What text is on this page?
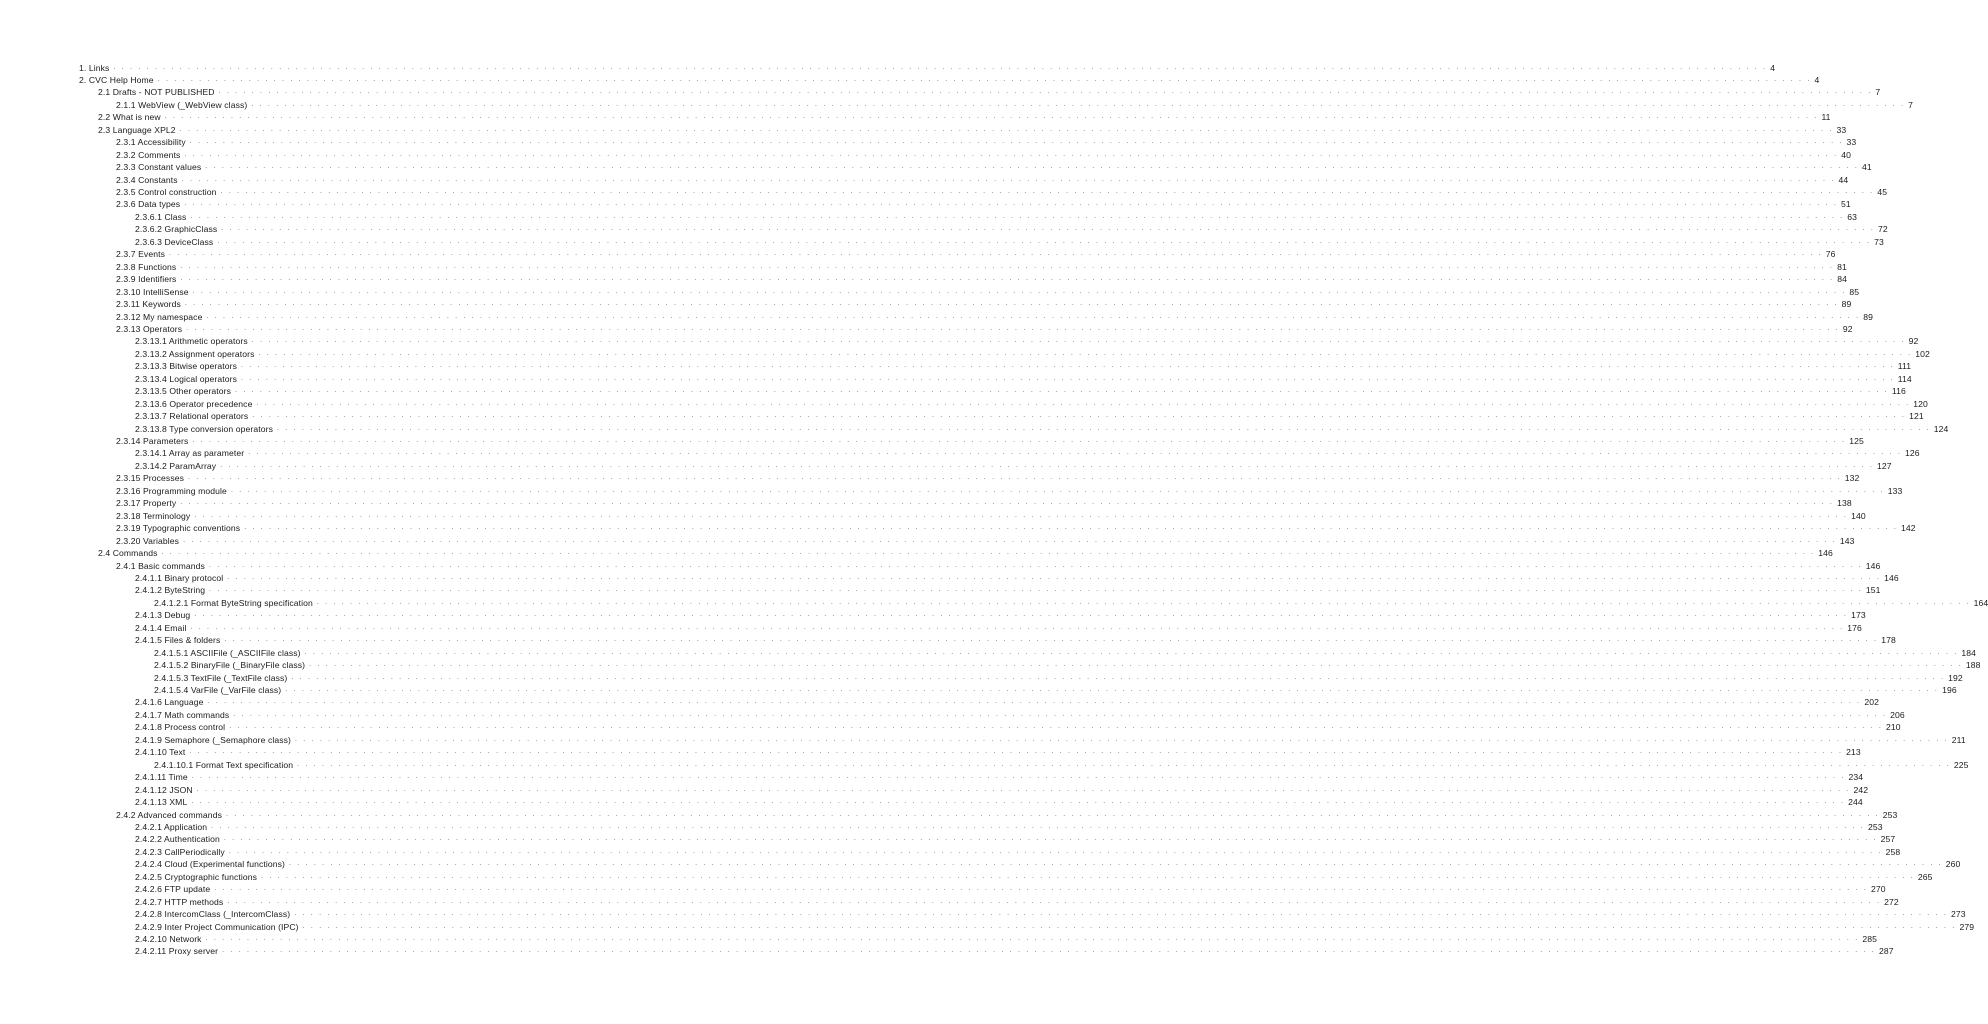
1. Links . . . . . . . . . . . . . . . . . . . . . . . . . . . . . . . . . . . . . . . . . . . . . . . . . . . . . . . . . . . . . . . . . . . . . . . . . . . . . . . . . . . . . . . . . . . . . . . . . . . . . . . . . . . . . . . . . . . . . . . . . . . . . . . . . . . . . . . . . . . . . . . . . . . . . . . . . . . . . . . . . . . . . . . . . . . . . . . . . . . . . . . . . . . . . . . . . . . . . . . . 4
2. CVC Help Home . . . . . . . . . . . . . . . . . . . . . . . . . . . . . . . . . . . . . . . . . . . . . . . . . . . . . . . . . . . . . . . . . . . . . . . . . . . . . . . . . . . . . . . . . . . . . . . . . . . . . . . . . . . . . . . . . . . . . . . . . . . . . . . . . . . . . . . . . . . . . . . . . . . . . . . . . . . . . . . . . . . . . . . . . . . . . . . . . . . . . . . . . . . . . . . . . . . . . . . . 4
2.1 Drafts - NOT PUBLISHED . . . . . . . . . . . . . . . . . . . . . . . . . . . . . . . . . . . . . . . . . . . . . . . . . . . . . . . . . . . . . . . . . . . . . . . . . . . . . . . . . . . . . . . . . . . . . . . . . . . . . . . . . . . . . . . . . . . . . . . . . . . . . . . . . . . . . . . . . . . . . . . . . . . . . . . . . . . . . . . . . . . . . . . . . . . . . . . . . . . . . . . . . . . . . . . . . . . . . . . . 7
2.1.1 WebView (_WebView class) . . . . . . . . . . . . . . . . . . . . . . . . . . . . . . . . . . . . . . . . . . . . . . . . . . . . . . . . . . . . . . . . . . . . . . . . . . . . . . . . . . . . . . . . . . . . . . . . . . . . . . . . . . . . . . . . . . . . . . . . . . . . . . . . . . . . . . . . . . . . . . . . . . . . . . . . . . . . . . . . . . . . . . . . . . . . . . . . . . . . . . . . . . . . . . . . . . . . . . . . 7
2.2 What is new . . . . . . . . . . . . . . . . . . . . . . . . . . . . . . . . . . . . . . . . . . . . . . . . . . . . . . . . . . . . . . . . . . . . . . . . . . . . . . . . . . . . . . . . . . . . . . . . . . . . . . . . . . . . . . . . . . . . . . . . . . . . . . . . . . . . . . . . . . . . . . . . . . . . . . . . . . . . . . . . . . . . . . . . . . . . . . . . . . . . . . . . . . . . . . . . . . . . . . . . 11
2.3 Language XPL2 . . . . . . . . . . . . . . . . . . . . . . . . . . . . . . . . . . . . . . . . . . . . . . . . . . . . . . . . . . . . . . . . . . . . . . . . . . . . . . . . . . . . . . . . . . . . . . . . . . . . . . . . . . . . . . . . . . . . . . . . . . . . . . . . . . . . . . . . . . . . . . . . . . . . . . . . . . . . . . . . . . . . . . . . . . . . . . . . . . . . . . . . . . . . . . . . . . . . . . . . 33
2.3.1 Accessibility . . . . . . . . . . . . . . . . . . . . . . . . . . . . . . . . . . . . . . . . . . . . . . . . . . . . . . . . . . . . . . . . . . . . . . . . . . . . . . . . . . . . . . . . . . . . . . . . . . . . . . . . . . . . . . . . . . . . . . . . . . . . . . . . . . . . . . . . . . . . . . . . . . . . . . . . . . . . . . . . . . . . . . . . . . . . . . . . . . . . . . . . . . . . . . . . . . . . . . . . 33
2.3.2 Comments . . . . . . . . . . . . . . . . . . . . . . . . . . . . . . . . . . . . . . . . . . . . . . . . . . . . . . . . . . . . . . . . . . . . . . . . . . . . . . . . . . . . . . . . . . . . . . . . . . . . . . . . . . . . . . . . . . . . . . . . . . . . . . . . . . . . . . . . . . . . . . . . . . . . . . . . . . . . . . . . . . . . . . . . . . . . . . . . . . . . . . . . . . . . . . . . . . . . . . . . 40
2.3.3 Constant values . . . . . . . . . . . . . . . . . . . . . . . . . . . . . . . . . . . . . . . . . . . . . . . . . . . . . . . . . . . . . . . . . . . . . . . . . . . . . . . . . . . . . . . . . . . . . . . . . . . . . . . . . . . . . . . . . . . . . . . . . . . . . . . . . . . . . . . . . . . . . . . . . . . . . . . . . . . . . . . . . . . . . . . . . . . . . . . . . . . . . . . . . . . . . . . . . . . . . . . . 41
2.3.4 Constants . . . . . . . . . . . . . . . . . . . . . . . . . . . . . . . . . . . . . . . . . . . . . . . . . . . . . . . . . . . . . . . . . . . . . . . . . . . . . . . . . . . . . . . . . . . . . . . . . . . . . . . . . . . . . . . . . . . . . . . . . . . . . . . . . . . . . . . . . . . . . . . . . . . . . . . . . . . . . . . . . . . . . . . . . . . . . . . . . . . . . . . . . . . . . . . . . . . . . . . . 44
2.3.5 Control construction . . . . . . . . . . . . . . . . . . . . . . . . . . . . . . . . . . . . . . . . . . . . . . . . . . . . . . . . . . . . . . . . . . . . . . . . . . . . . . . . . . . . . . . . . . . . . . . . . . . . . . . . . . . . . . . . . . . . . . . . . . . . . . . . . . . . . . . . . . . . . . . . . . . . . . . . . . . . . . . . . . . . . . . . . . . . . . . . . . . . . . . . . . . . . . . . . . . . . . . . 45
2.3.6 Data types . . . . . . . . . . . . . . . . . . . . . . . . . . . . . . . . . . . . . . . . . . . . . . . . . . . . . . . . . . . . . . . . . . . . . . . . . . . . . . . . . . . . . . . . . . . . . . . . . . . . . . . . . . . . . . . . . . . . . . . . . . . . . . . . . . . . . . . . . . . . . . . . . . . . . . . . . . . . . . . . . . . . . . . . . . . . . . . . . . . . . . . . . . . . . . . . . . . . . . . . 51
2.3.6.1 Class . . . . . . . . . . . . . . . . . . . . . . . . . . . . . . . . . . . . . . . . . . . . . . . . . . . . . . . . . . . . . . . . . . . . . . . . . . . . . . . . . . . . . . . . . . . . . . . . . . . . . . . . . . . . . . . . . . . . . . . . . . . . . . . . . . . . . . . . . . . . . . . . . . . . . . . . . . . . . . . . . . . . . . . . . . . . . . . . . . . . . . . . . . . . . . . . . . . . . . . . 63
2.3.6.2 GraphicClass . . . . . . . . . . . . . . . . . . . . . . . . . . . . . . . . . . . . . . . . . . . . . . . . . . . . . . . . . . . . . . . . . . . . . . . . . . . . . . . . . . . . . . . . . . . . . . . . . . . . . . . . . . . . . . . . . . . . . . . . . . . . . . . . . . . . . . . . . . . . . . . . . . . . . . . . . . . . . . . . . . . . . . . . . . . . . . . . . . . . . . . . . . . . . . . . . . . . . . . . 72
2.3.6.3 DeviceClass . . . . . . . . . . . . . . . . . . . . . . . . . . . . . . . . . . . . . . . . . . . . . . . . . . . . . . . . . . . . . . . . . . . . . . . . . . . . . . . . . . . . . . . . . . . . . . . . . . . . . . . . . . . . . . . . . . . . . . . . . . . . . . . . . . . . . . . . . . . . . . . . . . . . . . . . . . . . . . . . . . . . . . . . . . . . . . . . . . . . . . . . . . . . . . . . . . . . . . . . 73
2.3.7 Events . . . . . . . . . . . . . . . . . . . . . . . . . . . . . . . . . . . . . . . . . . . . . . . . . . . . . . . . . . . . . . . . . . . . . . . . . . . . . . . . . . . . . . . . . . . . . . . . . . . . . . . . . . . . . . . . . . . . . . . . . . . . . . . . . . . . . . . . . . . . . . . . . . . . . . . . . . . . . . . . . . . . . . . . . . . . . . . . . . . . . . . . . . . . . . . . . . . . . . . . 76
2.3.8 Functions . . . . . . . . . . . . . . . . . . . . . . . . . . . . . . . . . . . . . . . . . . . . . . . . . . . . . . . . . . . . . . . . . . . . . . . . . . . . . . . . . . . . . . . . . . . . . . . . . . . . . . . . . . . . . . . . . . . . . . . . . . . . . . . . . . . . . . . . . . . . . . . . . . . . . . . . . . . . . . . . . . . . . . . . . . . . . . . . . . . . . . . . . . . . . . . . . . . . . . . . 81
2.3.9 Identifiers . . . . . . . . . . . . . . . . . . . . . . . . . . . . . . . . . . . . . . . . . . . . . . . . . . . . . . . . . . . . . . . . . . . . . . . . . . . . . . . . . . . . . . . . . . . . . . . . . . . . . . . . . . . . . . . . . . . . . . . . . . . . . . . . . . . . . . . . . . . . . . . . . . . . . . . . . . . . . . . . . . . . . . . . . . . . . . . . . . . . . . . . . . . . . . . . . . . . . . . . 84
2.3.10 IntelliSense . . . . . . . . . . . . . . . . . . . . . . . . . . . . . . . . . . . . . . . . . . . . . . . . . . . . . . . . . . . . . . . . . . . . . . . . . . . . . . . . . . . . . . . . . . . . . . . . . . . . . . . . . . . . . . . . . . . . . . . . . . . . . . . . . . . . . . . . . . . . . . . . . . . . . . . . . . . . . . . . . . . . . . . . . . . . . . . . . . . . . . . . . . . . . . . . . . . . . . . . 85
2.3.11 Keywords . . . . . . . . . . . . . . . . . . . . . . . . . . . . . . . . . . . . . . . . . . . . . . . . . . . . . . . . . . . . . . . . . . . . . . . . . . . . . . . . . . . . . . . . . . . . . . . . . . . . . . . . . . . . . . . . . . . . . . . . . . . . . . . . . . . . . . . . . . . . . . . . . . . . . . . . . . . . . . . . . . . . . . . . . . . . . . . . . . . . . . . . . . . . . . . . . . . . . . . . 89
2.3.12 My namespace . . . . . . . . . . . . . . . . . . . . . . . . . . . . . . . . . . . . . . . . . . . . . . . . . . . . . . . . . . . . . . . . . . . . . . . . . . . . . . . . . . . . . . . . . . . . . . . . . . . . . . . . . . . . . . . . . . . . . . . . . . . . . . . . . . . . . . . . . . . . . . . . . . . . . . . . . . . . . . . . . . . . . . . . . . . . . . . . . . . . . . . . . . . . . . . . . . . . . . . . 89
2.3.13 Operators . . . . . . . . . . . . . . . . . . . . . . . . . . . . . . . . . . . . . . . . . . . . . . . . . . . . . . . . . . . . . . . . . . . . . . . . . . . . . . . . . . . . . . . . . . . . . . . . . . . . . . . . . . . . . . . . . . . . . . . . . . . . . . . . . . . . . . . . . . . . . . . . . . . . . . . . . . . . . . . . . . . . . . . . . . . . . . . . . . . . . . . . . . . . . . . . . . . . . . . . 92
2.3.13.1 Arithmetic operators . . . . . . . . . . . . . . . . . . . . . . . . . . . . . . . . . . . . . . . . . . . . . . . . . . . . . . . . . . . . . . . . . . . . . . . . . . . . . . . . . . . . . . . . . . . . . . . . . . . . . . . . . . . . . . . . . . . . . . . . . . . . . . . . . . . . . . . . . . . . . . . . . . . . . . . . . . . . . . . . . . . . . . . . . . . . . . . . . . . . . . . . . . . . . . . . . . . . . . . . 92
2.3.13.2 Assignment operators . . . . . . . . . . . . . . . . . . . . . . . . . . . . . . . . . . . . . . . . . . . . . . . . . . . . . . . . . . . . . . . . . . . . . . . . . . . . . . . . . . . . . . . . . . . . . . . . . . . . . . . . . . . . . . . . . . . . . . . . . . . . . . . . . . . . . . . . . . . . . . . . . . . . . . . . . . . . . . . . . . . . . . . . . . . . . . . . . . . . . . . . . . . . . . . . . . . . . . . . 102
2.3.13.3 Bitwise operators . . . . . . . . . . . . . . . . . . . . . . . . . . . . . . . . . . . . . . . . . . . . . . . . . . . . . . . . . . . . . . . . . . . . . . . . . . . . . . . . . . . . . . . . . . . . . . . . . . . . . . . . . . . . . . . . . . . . . . . . . . . . . . . . . . . . . . . . . . . . . . . . . . . . . . . . . . . . . . . . . . . . . . . . . . . . . . . . . . . . . . . . . . . . . . . . . . . . . . . . 111
2.3.13.4 Logical operators . . . . . . . . . . . . . . . . . . . . . . . . . . . . . . . . . . . . . . . . . . . . . . . . . . . . . . . . . . . . . . . . . . . . . . . . . . . . . . . . . . . . . . . . . . . . . . . . . . . . . . . . . . . . . . . . . . . . . . . . . . . . . . . . . . . . . . . . . . . . . . . . . . . . . . . . . . . . . . . . . . . . . . . . . . . . . . . . . . . . . . . . . . . . . . . . . . . . . . . . 114
2.3.13.5 Other operators . . . . . . . . . . . . . . . . . . . . . . . . . . . . . . . . . . . . . . . . . . . . . . . . . . . . . . . . . . . . . . . . . . . . . . . . . . . . . . . . . . . . . . . . . . . . . . . . . . . . . . . . . . . . . . . . . . . . . . . . . . . . . . . . . . . . . . . . . . . . . . . . . . . . . . . . . . . . . . . . . . . . . . . . . . . . . . . . . . . . . . . . . . . . . . . . . . . . . . . . 116
2.3.13.6 Operator precedence . . . . . . . . . . . . . . . . . . . . . . . . . . . . . . . . . . . . . . . . . . . . . . . . . . . . . . . . . . . . . . . . . . . . . . . . . . . . . . . . . . . . . . . . . . . . . . . . . . . . . . . . . . . . . . . . . . . . . . . . . . . . . . . . . . . . . . . . . . . . . . . . . . . . . . . . . . . . . . . . . . . . . . . . . . . . . . . . . . . . . . . . . . . . . . . . . . . . . . . . 120
2.3.13.7 Relational operators . . . . . . . . . . . . . . . . . . . . . . . . . . . . . . . . . . . . . . . . . . . . . . . . . . . . . . . . . . . . . . . . . . . . . . . . . . . . . . . . . . . . . . . . . . . . . . . . . . . . . . . . . . . . . . . . . . . . . . . . . . . . . . . . . . . . . . . . . . . . . . . . . . . . . . . . . . . . . . . . . . . . . . . . . . . . . . . . . . . . . . . . . . . . . . . . . . . . . . . . 121
2.3.13.8 Type conversion operators . . . . . . . . . . . . . . . . . . . . . . . . . . . . . . . . . . . . . . . . . . . . . . . . . . . . . . . . . . . . . . . . . . . . . . . . . . . . . . . . . . . . . . . . . . . . . . . . . . . . . . . . . . . . . . . . . . . . . . . . . . . . . . . . . . . . . . . . . . . . . . . . . . . . . . . . . . . . . . . . . . . . . . . . . . . . . . . . . . . . . . . . . . . . . . . . . . . . . . . . 124
2.3.14 Parameters . . . . . . . . . . . . . . . . . . . . . . . . . . . . . . . . . . . . . . . . . . . . . . . . . . . . . . . . . . . . . . . . . . . . . . . . . . . . . . . . . . . . . . . . . . . . . . . . . . . . . . . . . . . . . . . . . . . . . . . . . . . . . . . . . . . . . . . . . . . . . . . . . . . . . . . . . . . . . . . . . . . . . . . . . . . . . . . . . . . . . . . . . . . . . . . . . . . . . . . . 125
2.3.14.1 Array as parameter . . . . . . . . . . . . . . . . . . . . . . . . . . . . . . . . . . . . . . . . . . . . . . . . . . . . . . . . . . . . . . . . . . . . . . . . . . . . . . . . . . . . . . . . . . . . . . . . . . . . . . . . . . . . . . . . . . . . . . . . . . . . . . . . . . . . . . . . . . . . . . . . . . . . . . . . . . . . . . . . . . . . . . . . . . . . . . . . . . . . . . . . . . . . . . . . . . . . . . . . 126
2.3.14.2 ParamArray . . . . . . . . . . . . . . . . . . . . . . . . . . . . . . . . . . . . . . . . . . . . . . . . . . . . . . . . . . . . . . . . . . . . . . . . . . . . . . . . . . . . . . . . . . . . . . . . . . . . . . . . . . . . . . . . . . . . . . . . . . . . . . . . . . . . . . . . . . . . . . . . . . . . . . . . . . . . . . . . . . . . . . . . . . . . . . . . . . . . . . . . . . . . . . . . . . . . . . . . 127
2.3.15 Processes . . . . . . . . . . . . . . . . . . . . . . . . . . . . . . . . . . . . . . . . . . . . . . . . . . . . . . . . . . . . . . . . . . . . . . . . . . . . . . . . . . . . . . . . . . . . . . . . . . . . . . . . . . . . . . . . . . . . . . . . . . . . . . . . . . . . . . . . . . . . . . . . . . . . . . . . . . . . . . . . . . . . . . . . . . . . . . . . . . . . . . . . . . . . . . . . . . . . . . . . 132
2.3.16 Programming module . . . . . . . . . . . . . . . . . . . . . . . . . . . . . . . . . . . . . . . . . . . . . . . . . . . . . . . . . . . . . . . . . . . . . . . . . . . . . . . . . . . . . . . . . . . . . . . . . . . . . . . . . . . . . . . . . . . . . . . . . . . . . . . . . . . . . . . . . . . . . . . . . . . . . . . . . . . . . . . . . . . . . . . . . . . . . . . . . . . . . . . . . . . . . . . . . . . . . . . . 133
2.3.17 Property . . . . . . . . . . . . . . . . . . . . . . . . . . . . . . . . . . . . . . . . . . . . . . . . . . . . . . . . . . . . . . . . . . . . . . . . . . . . . . . . . . . . . . . . . . . . . . . . . . . . . . . . . . . . . . . . . . . . . . . . . . . . . . . . . . . . . . . . . . . . . . . . . . . . . . . . . . . . . . . . . . . . . . . . . . . . . . . . . . . . . . . . . . . . . . . . . . . . . . . . 138
2.3.18 Terminology . . . . . . . . . . . . . . . . . . . . . . . . . . . . . . . . . . . . . . . . . . . . . . . . . . . . . . . . . . . . . . . . . . . . . . . . . . . . . . . . . . . . . . . . . . . . . . . . . . . . . . . . . . . . . . . . . . . . . . . . . . . . . . . . . . . . . . . . . . . . . . . . . . . . . . . . . . . . . . . . . . . . . . . . . . . . . . . . . . . . . . . . . . . . . . . . . . . . . . . . 140
2.3.19 Typographic conventions . . . . . . . . . . . . . . . . . . . . . . . . . . . . . . . . . . . . . . . . . . . . . . . . . . . . . . . . . . . . . . . . . . . . . . . . . . . . . . . . . . . . . . . . . . . . . . . . . . . . . . . . . . . . . . . . . . . . . . . . . . . . . . . . . . . . . . . . . . . . . . . . . . . . . . . . . . . . . . . . . . . . . . . . . . . . . . . . . . . . . . . . . . . . . . . . . . . . . . . . 142
2.3.20 Variables . . . . . . . . . . . . . . . . . . . . . . . . . . . . . . . . . . . . . . . . . . . . . . . . . . . . . . . . . . . . . . . . . . . . . . . . . . . . . . . . . . . . . . . . . . . . . . . . . . . . . . . . . . . . . . . . . . . . . . . . . . . . . . . . . . . . . . . . . . . . . . . . . . . . . . . . . . . . . . . . . . . . . . . . . . . . . . . . . . . . . . . . . . . . . . . . . . . . . . . . 143
2.4 Commands . . . . . . . . . . . . . . . . . . . . . . . . . . . . . . . . . . . . . . . . . . . . . . . . . . . . . . . . . . . . . . . . . . . . . . . . . . . . . . . . . . . . . . . . . . . . . . . . . . . . . . . . . . . . . . . . . . . . . . . . . . . . . . . . . . . . . . . . . . . . . . . . . . . . . . . . . . . . . . . . . . . . . . . . . . . . . . . . . . . . . . . . . . . . . . . . . . . . . . . . 146
2.4.1 Basic commands . . . . . . . . . . . . . . . . . . . . . . . . . . . . . . . . . . . . . . . . . . . . . . . . . . . . . . . . . . . . . . . . . . . . . . . . . . . . . . . . . . . . . . . . . . . . . . . . . . . . . . . . . . . . . . . . . . . . . . . . . . . . . . . . . . . . . . . . . . . . . . . . . . . . . . . . . . . . . . . . . . . . . . . . . . . . . . . . . . . . . . . . . . . . . . . . . . . . . . . . 146
2.4.1.1 Binary protocol . . . . . . . . . . . . . . . . . . . . . . . . . . . . . . . . . . . . . . . . . . . . . . . . . . . . . . . . . . . . . . . . . . . . . . . . . . . . . . . . . . . . . . . . . . . . . . . . . . . . . . . . . . . . . . . . . . . . . . . . . . . . . . . . . . . . . . . . . . . . . . . . . . . . . . . . . . . . . . . . . . . . . . . . . . . . . . . . . . . . . . . . . . . . . . . . . . . . . . . . 146
2.4.1.2 ByteString . . . . . . . . . . . . . . . . . . . . . . . . . . . . . . . . . . . . . . . . . . . . . . . . . . . . . . . . . . . . . . . . . . . . . . . . . . . . . . . . . . . . . . . . . . . . . . . . . . . . . . . . . . . . . . . . . . . . . . . . . . . . . . . . . . . . . . . . . . . . . . . . . . . . . . . . . . . . . . . . . . . . . . . . . . . . . . . . . . . . . . . . . . . . . . . . . . . . . . . . 151
2.4.1.2.1 Format ByteString specification . . . . . . . . . . . . . . . . . . . . . . . . . . . . . . . . . . . . . . . . . . . . . . . . . . . . . . . . . . . . . . . . . . . . . . . . . . . . . . . . . . . . . . . . . . . . . . . . . . . . . . . . . . . . . . . . . . . . . . . . . . . . . . . . . . . . . . . . . . . . . . . . . . . . . . . . . . . . . . . . . . . . . . . . . . . . . . . . . . . . . . . . . . . . . . . . . . . . . . . . 164
2.4.1.3 Debug . . . . . . . . . . . . . . . . . . . . . . . . . . . . . . . . . . . . . . . . . . . . . . . . . . . . . . . . . . . . . . . . . . . . . . . . . . . . . . . . . . . . . . . . . . . . . . . . . . . . . . . . . . . . . . . . . . . . . . . . . . . . . . . . . . . . . . . . . . . . . . . . . . . . . . . . . . . . . . . . . . . . . . . . . . . . . . . . . . . . . . . . . . . . . . . . . . . . . . . . 173
2.4.1.4 Email . . . . . . . . . . . . . . . . . . . . . . . . . . . . . . . . . . . . . . . . . . . . . . . . . . . . . . . . . . . . . . . . . . . . . . . . . . . . . . . . . . . . . . . . . . . . . . . . . . . . . . . . . . . . . . . . . . . . . . . . . . . . . . . . . . . . . . . . . . . . . . . . . . . . . . . . . . . . . . . . . . . . . . . . . . . . . . . . . . . . . . . . . . . . . . . . . . . . . . . . 176
2.4.1.5 Files & folders . . . . . . . . . . . . . . . . . . . . . . . . . . . . . . . . . . . . . . . . . . . . . . . . . . . . . . . . . . . . . . . . . . . . . . . . . . . . . . . . . . . . . . . . . . . . . . . . . . . . . . . . . . . . . . . . . . . . . . . . . . . . . . . . . . . . . . . . . . . . . . . . . . . . . . . . . . . . . . . . . . . . . . . . . . . . . . . . . . . . . . . . . . . . . . . . . . . . . . . . 178
2.4.1.5.1 ASCIIFile (_ASCIIFile class) . . . . . . . . . . . . . . . . . . . . . . . . . . . . . . . . . . . . . . . . . . . . . . . . . . . . . . . . . . . . . . . . . . . . . . . . . . . . . . . . . . . . . . . . . . . . . . . . . . . . . . . . . . . . . . . . . . . . . . . . . . . . . . . . . . . . . . . . . . . . . . . . . . . . . . . . . . . . . . . . . . . . . . . . . . . . . . . . . . . . . . . . . . . . . . . . . . . . . . . . 184
2.4.1.5.2 BinaryFile (_BinaryFile class) . . . . . . . . . . . . . . . . . . . . . . . . . . . . . . . . . . . . . . . . . . . . . . . . . . . . . . . . . . . . . . . . . . . . . . . . . . . . . . . . . . . . . . . . . . . . . . . . . . . . . . . . . . . . . . . . . . . . . . . . . . . . . . . . . . . . . . . . . . . . . . . . . . . . . . . . . . . . . . . . . . . . . . . . . . . . . . . . . . . . . . . . . . . . . . . . . . . . . . . . 188
2.4.1.5.3 TextFile (_TextFile class) . . . . . . . . . . . . . . . . . . . . . . . . . . . . . . . . . . . . . . . . . . . . . . . . . . . . . . . . . . . . . . . . . . . . . . . . . . . . . . . . . . . . . . . . . . . . . . . . . . . . . . . . . . . . . . . . . . . . . . . . . . . . . . . . . . . . . . . . . . . . . . . . . . . . . . . . . . . . . . . . . . . . . . . . . . . . . . . . . . . . . . . . . . . . . . . . . . . . . . . . 192
2.4.1.5.4 VarFile (_VarFile class) . . . . . . . . . . . . . . . . . . . . . . . . . . . . . . . . . . . . . . . . . . . . . . . . . . . . . . . . . . . . . . . . . . . . . . . . . . . . . . . . . . . . . . . . . . . . . . . . . . . . . . . . . . . . . . . . . . . . . . . . . . . . . . . . . . . . . . . . . . . . . . . . . . . . . . . . . . . . . . . . . . . . . . . . . . . . . . . . . . . . . . . . . . . . . . . . . . . . . . . . 196
2.4.1.6 Language . . . . . . . . . . . . . . . . . . . . . . . . . . . . . . . . . . . . . . . . . . . . . . . . . . . . . . . . . . . . . . . . . . . . . . . . . . . . . . . . . . . . . . . . . . . . . . . . . . . . . . . . . . . . . . . . . . . . . . . . . . . . . . . . . . . . . . . . . . . . . . . . . . . . . . . . . . . . . . . . . . . . . . . . . . . . . . . . . . . . . . . . . . . . . . . . . . . . . . . . 202
2.4.1.7 Math commands . . . . . . . . . . . . . . . . . . . . . . . . . . . . . . . . . . . . . . . . . . . . . . . . . . . . . . . . . . . . . . . . . . . . . . . . . . . . . . . . . . . . . . . . . . . . . . . . . . . . . . . . . . . . . . . . . . . . . . . . . . . . . . . . . . . . . . . . . . . . . . . . . . . . . . . . . . . . . . . . . . . . . . . . . . . . . . . . . . . . . . . . . . . . . . . . . . . . . . . . 206
2.4.1.8 Process control . . . . . . . . . . . . . . . . . . . . . . . . . . . . . . . . . . . . . . . . . . . . . . . . . . . . . . . . . . . . . . . . . . . . . . . . . . . . . . . . . . . . . . . . . . . . . . . . . . . . . . . . . . . . . . . . . . . . . . . . . . . . . . . . . . . . . . . . . . . . . . . . . . . . . . . . . . . . . . . . . . . . . . . . . . . . . . . . . . . . . . . . . . . . . . . . . . . . . . . . 210
2.4.1.9 Semaphore (_Semaphore class) . . . . . . . . . . . . . . . . . . . . . . . . . . . . . . . . . . . . . . . . . . . . . . . . . . . . . . . . . . . . . . . . . . . . . . . . . . . . . . . . . . . . . . . . . . . . . . . . . . . . . . . . . . . . . . . . . . . . . . . . . . . . . . . . . . . . . . . . . . . . . . . . . . . . . . . . . . . . . . . . . . . . . . . . . . . . . . . . . . . . . . . . . . . . . . . . . . . . . . . . 211
2.4.1.10 Text . . . . . . . . . . . . . . . . . . . . . . . . . . . . . . . . . . . . . . . . . . . . . . . . . . . . . . . . . . . . . . . . . . . . . . . . . . . . . . . . . . . . . . . . . . . . . . . . . . . . . . . . . . . . . . . . . . . . . . . . . . . . . . . . . . . . . . . . . . . . . . . . . . . . . . . . . . . . . . . . . . . . . . . . . . . . . . . . . . . . . . . . . . . . . . . . . . . . . . . . 213
2.4.1.10.1 Format Text specification . . . . . . . . . . . . . . . . . . . . . . . . . . . . . . . . . . . . . . . . . . . . . . . . . . . . . . . . . . . . . . . . . . . . . . . . . . . . . . . . . . . . . . . . . . . . . . . . . . . . . . . . . . . . . . . . . . . . . . . . . . . . . . . . . . . . . . . . . . . . . . . . . . . . . . . . . . . . . . . . . . . . . . . . . . . . . . . . . . . . . . . . . . . . . . . . . . . . . . . . 225
2.4.1.11 Time . . . . . . . . . . . . . . . . . . . . . . . . . . . . . . . . . . . . . . . . . . . . . . . . . . . . . . . . . . . . . . . . . . . . . . . . . . . . . . . . . . . . . . . . . . . . . . . . . . . . . . . . . . . . . . . . . . . . . . . . . . . . . . . . . . . . . . . . . . . . . . . . . . . . . . . . . . . . . . . . . . . . . . . . . . . . . . . . . . . . . . . . . . . . . . . . . . . . . . . . 234
2.4.1.12 JSON . . . . . . . . . . . . . . . . . . . . . . . . . . . . . . . . . . . . . . . . . . . . . . . . . . . . . . . . . . . . . . . . . . . . . . . . . . . . . . . . . . . . . . . . . . . . . . . . . . . . . . . . . . . . . . . . . . . . . . . . . . . . . . . . . . . . . . . . . . . . . . . . . . . . . . . . . . . . . . . . . . . . . . . . . . . . . . . . . . . . . . . . . . . . . . . . . . . . . . . . 242
2.4.1.13 XML . . . . . . . . . . . . . . . . . . . . . . . . . . . . . . . . . . . . . . . . . . . . . . . . . . . . . . . . . . . . . . . . . . . . . . . . . . . . . . . . . . . . . . . . . . . . . . . . . . . . . . . . . . . . . . . . . . . . . . . . . . . . . . . . . . . . . . . . . . . . . . . . . . . . . . . . . . . . . . . . . . . . . . . . . . . . . . . . . . . . . . . . . . . . . . . . . . . . . . . . 244
2.4.2 Advanced commands . . . . . . . . . . . . . . . . . . . . . . . . . . . . . . . . . . . . . . . . . . . . . . . . . . . . . . . . . . . . . . . . . . . . . . . . . . . . . . . . . . . . . . . . . . . . . . . . . . . . . . . . . . . . . . . . . . . . . . . . . . . . . . . . . . . . . . . . . . . . . . . . . . . . . . . . . . . . . . . . . . . . . . . . . . . . . . . . . . . . . . . . . . . . . . . . . . . . . . . . 253
2.4.2.1 Application . . . . . . . . . . . . . . . . . . . . . . . . . . . . . . . . . . . . . . . . . . . . . . . . . . . . . . . . . . . . . . . . . . . . . . . . . . . . . . . . . . . . . . . . . . . . . . . . . . . . . . . . . . . . . . . . . . . . . . . . . . . . . . . . . . . . . . . . . . . . . . . . . . . . . . . . . . . . . . . . . . . . . . . . . . . . . . . . . . . . . . . . . . . . . . . . . . . . . . . . 253
2.4.2.2 Authentication . . . . . . . . . . . . . . . . . . . . . . . . . . . . . . . . . . . . . . . . . . . . . . . . . . . . . . . . . . . . . . . . . . . . . . . . . . . . . . . . . . . . . . . . . . . . . . . . . . . . . . . . . . . . . . . . . . . . . . . . . . . . . . . . . . . . . . . . . . . . . . . . . . . . . . . . . . . . . . . . . . . . . . . . . . . . . . . . . . . . . . . . . . . . . . . . . . . . . . . . 257
2.4.2.3 CallPeriodically . . . . . . . . . . . . . . . . . . . . . . . . . . . . . . . . . . . . . . . . . . . . . . . . . . . . . . . . . . . . . . . . . . . . . . . . . . . . . . . . . . . . . . . . . . . . . . . . . . . . . . . . . . . . . . . . . . . . . . . . . . . . . . . . . . . . . . . . . . . . . . . . . . . . . . . . . . . . . . . . . . . . . . . . . . . . . . . . . . . . . . . . . . . . . . . . . . . . . . . . 258
2.4.2.4 Cloud (Experimental functions) . . . . . . . . . . . . . . . . . . . . . . . . . . . . . . . . . . . . . . . . . . . . . . . . . . . . . . . . . . . . . . . . . . . . . . . . . . . . . . . . . . . . . . . . . . . . . . . . . . . . . . . . . . . . . . . . . . . . . . . . . . . . . . . . . . . . . . . . . . . . . . . . . . . . . . . . . . . . . . . . . . . . . . . . . . . . . . . . . . . . . . . . . . . . . . . . . . . . . . . . 260
2.4.2.5 Cryptographic functions . . . . . . . . . . . . . . . . . . . . . . . . . . . . . . . . . . . . . . . . . . . . . . . . . . . . . . . . . . . . . . . . . . . . . . . . . . . . . . . . . . . . . . . . . . . . . . . . . . . . . . . . . . . . . . . . . . . . . . . . . . . . . . . . . . . . . . . . . . . . . . . . . . . . . . . . . . . . . . . . . . . . . . . . . . . . . . . . . . . . . . . . . . . . . . . . . . . . . . . . 265
2.4.2.6 FTP update . . . . . . . . . . . . . . . . . . . . . . . . . . . . . . . . . . . . . . . . . . . . . . . . . . . . . . . . . . . . . . . . . . . . . . . . . . . . . . . . . . . . . . . . . . . . . . . . . . . . . . . . . . . . . . . . . . . . . . . . . . . . . . . . . . . . . . . . . . . . . . . . . . . . . . . . . . . . . . . . . . . . . . . . . . . . . . . . . . . . . . . . . . . . . . . . . . . . . . . . 270
2.4.2.7 HTTP methods . . . . . . . . . . . . . . . . . . . . . . . . . . . . . . . . . . . . . . . . . . . . . . . . . . . . . . . . . . . . . . . . . . . . . . . . . . . . . . . . . . . . . . . . . . . . . . . . . . . . . . . . . . . . . . . . . . . . . . . . . . . . . . . . . . . . . . . . . . . . . . . . . . . . . . . . . . . . . . . . . . . . . . . . . . . . . . . . . . . . . . . . . . . . . . . . . . . . . . . . 272
2.4.2.8 IntercomClass (_IntercomClass) . . . . . . . . . . . . . . . . . . . . . . . . . . . . . . . . . . . . . . . . . . . . . . . . . . . . . . . . . . . . . . . . . . . . . . . . . . . . . . . . . . . . . . . . . . . . . . . . . . . . . . . . . . . . . . . . . . . . . . . . . . . . . . . . . . . . . . . . . . . . . . . . . . . . . . . . . . . . . . . . . . . . . . . . . . . . . . . . . . . . . . . . . . . . . . . . . . . . . . . . 273
2.4.2.9 Inter Project Communication (IPC) . . . . . . . . . . . . . . . . . . . . . . . . . . . . . . . . . . . . . . . . . . . . . . . . . . . . . . . . . . . . . . . . . . . . . . . . . . . . . . . . . . . . . . . . . . . . . . . . . . . . . . . . . . . . . . . . . . . . . . . . . . . . . . . . . . . . . . . . . . . . . . . . . . . . . . . . . . . . . . . . . . . . . . . . . . . . . . . . . . . . . . . . . . . . . . . . . . . . . . . . 279
2.4.2.10 Network . . . . . . . . . . . . . . . . . . . . . . . . . . . . . . . . . . . . . . . . . . . . . . . . . . . . . . . . . . . . . . . . . . . . . . . . . . . . . . . . . . . . . . . . . . . . . . . . . . . . . . . . . . . . . . . . . . . . . . . . . . . . . . . . . . . . . . . . . . . . . . . . . . . . . . . . . . . . . . . . . . . . . . . . . . . . . . . . . . . . . . . . . . . . . . . . . . . . . . . . 285
2.4.2.11 Proxy server . . . . . . . . . . . . . . . . . . . . . . . . . . . . . . . . . . . . . . . . . . . . . . . . . . . . . . . . . . . . . . . . . . . . . . . . . . . . . . . . . . . . . . . . . . . . . . . . . . . . . . . . . . . . . . . . . . . . . . . . . . . . . . . . . . . . . . . . . . . . . . . . . . . . . . . . . . . . . . . . . . . . . . . . . . . . . . . . . . . . . . . . . . . . . . . . . . . . . . . . 287
